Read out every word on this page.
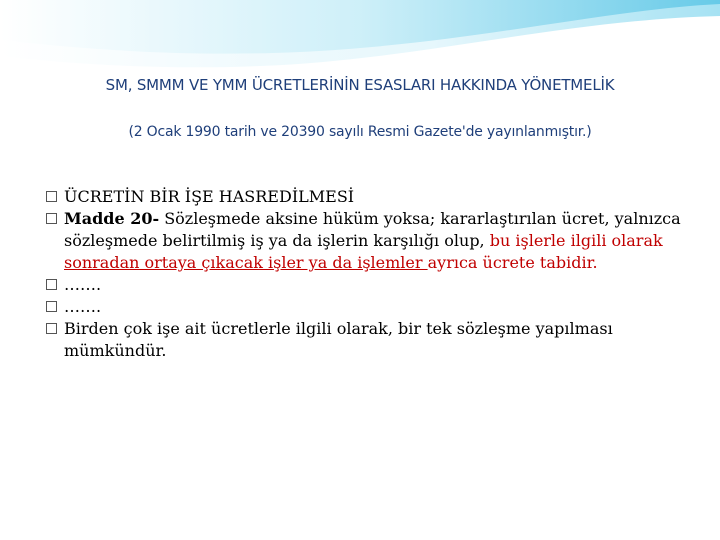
SM, SMMM VE YMM ÜCRETLERİNİN ESASLARI HAKKINDA YÖNETMELİK
(2 Ocak 1990 tarih ve 20390 sayılı Resmi Gazete'de yayınlanmıştır.)

ÜCRETİN BİR İŞE HASREDİLMESİ

Madde 20- Sözleşmede aksine hüküm yoksa; kararlaştırılan ücret, yalnızca sözleşmede belirtilmiş iş ya da işlerin karşılığı olup, bu işlerle ilgili olarak sonradan ortaya çıkacak işler ya da işlemler ayrıca ücrete tabidir.

…….

…….

Birden çok işe ait ücretlerle ilgili olarak, bir tek sözleşme yapılması mümkündür.
